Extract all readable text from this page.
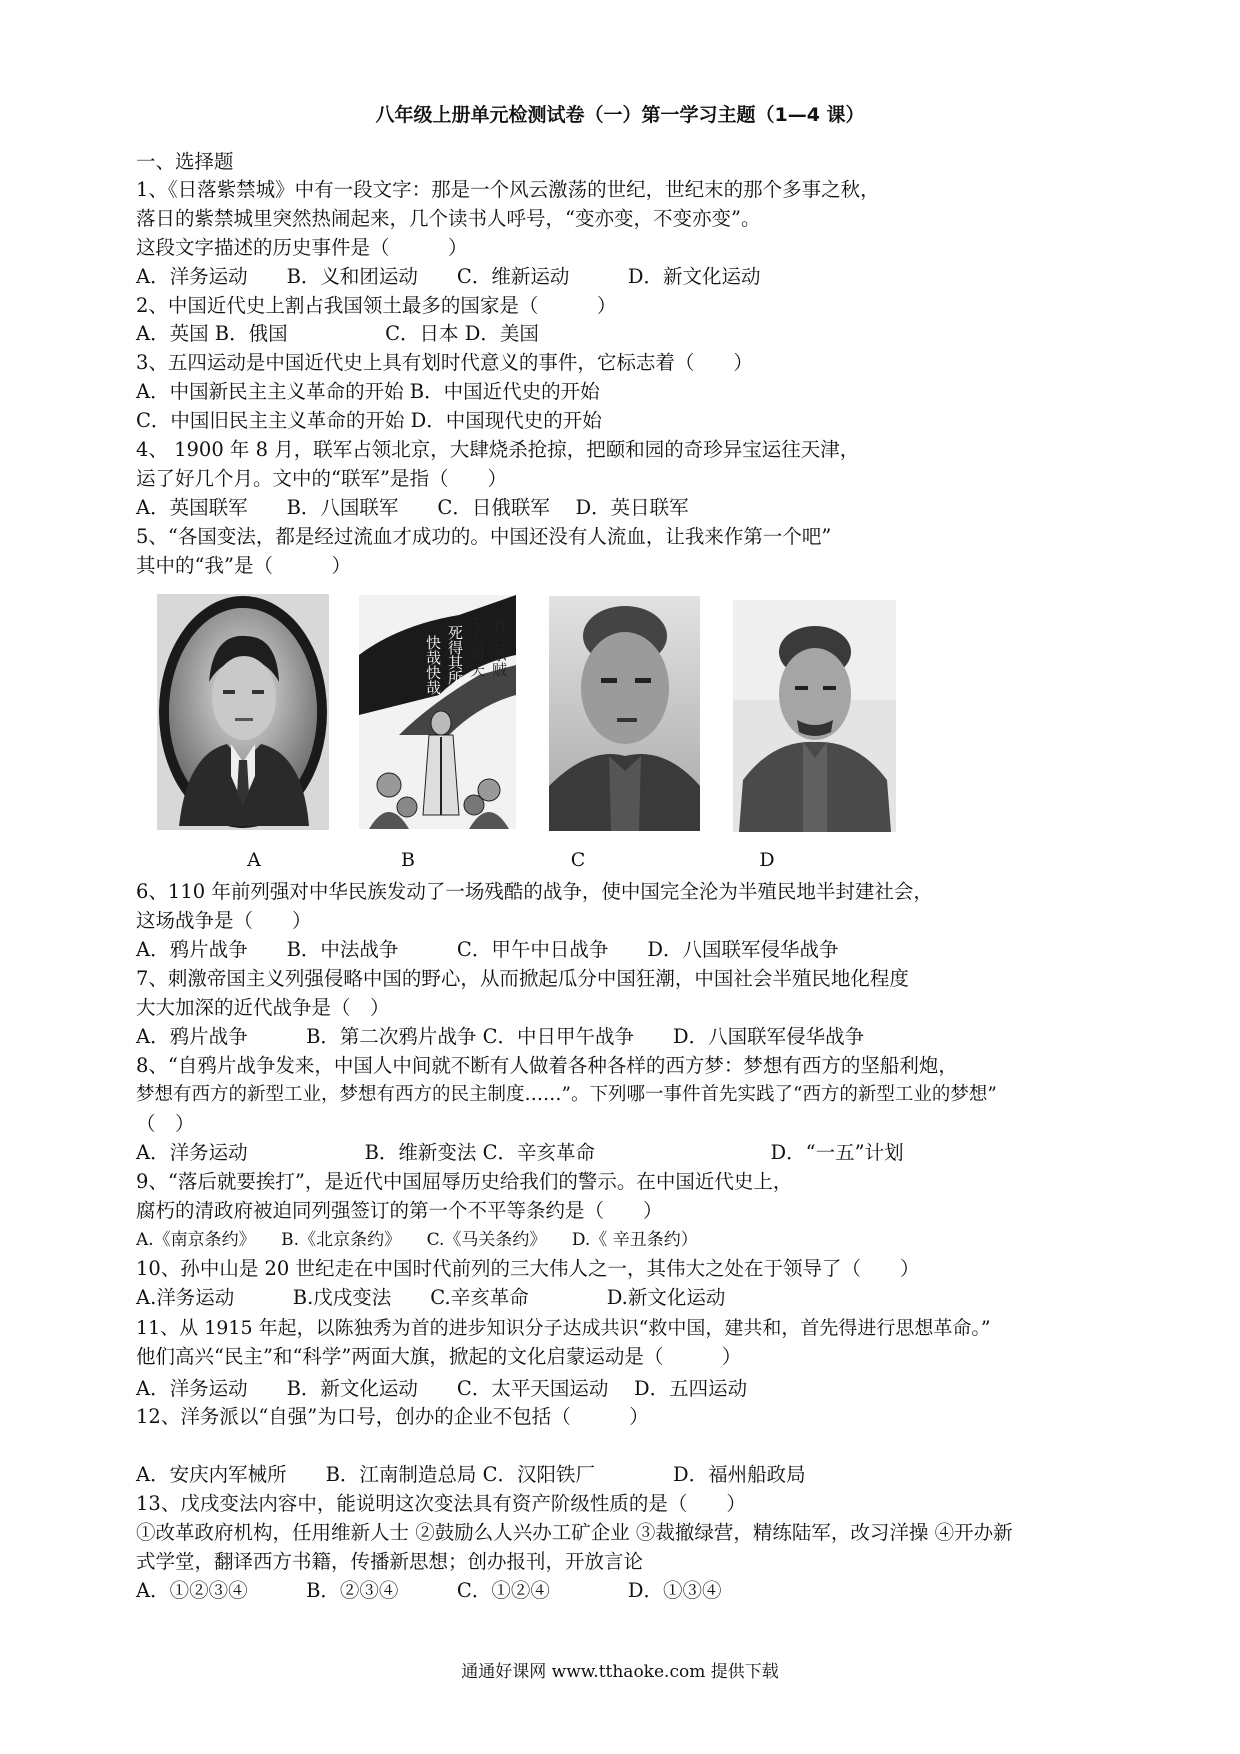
八年级上册单元检测试卷（一）第一学习主题（1—4 课）
一、选择题
1、《日落紫禁城》中有一段文字：那是一个风云激荡的世纪，世纪末的那个多事之秋，
落日的紫禁城里突然热闹起来，几个读书人呼号，“变亦变，不变亦变”。
这段文字描述的历史事件是（　　　）
A．洋务运动　　B．义和团运动　　C．维新运动　　　D．新文化运动
2、中国近代史上割占我国领土最多的国家是（　　　）
A．英国 B．俄国　　　　　C．日本 D．美国
3、五四运动是中国近代史上具有划时代意义的事件，它标志着（　　）
A．中国新民主主义革命的开始 B．中国近代史的开始
C．中国旧民主主义革命的开始 D．中国现代史的开始
4、 1900 年 8 月，联军占领北京，大肆烧杀抢掠，把颐和园的奇珍异宝运往天津，
运了好几个月。文中的“联军”是指（　　）
A．英国联军　　B．八国联军　　C．日俄联军　 D．英日联军
5、“各国变法，都是经过流血才成功的。中国还没有人流血，让我来作第一个吧”
其中的“我”是（　　　）
有心杀贼
无力回天
死得其所
快哉快哉
A	B	C	D
6、110 年前列强对中华民族发动了一场残酷的战争，使中国完全沦为半殖民地半封建社会，
这场战争是（　　）
A．鸦片战争　　B．中法战争　　　C．甲午中日战争　　D．八国联军侵华战争
7、刺激帝国主义列强侵略中国的野心，从而掀起瓜分中国狂潮，中国社会半殖民地化程度
大大加深的近代战争是（　）
A．鸦片战争　　　B．第二次鸦片战争 C．中日甲午战争　　D．八国联军侵华战争
8、“自鸦片战争发来，中国人中间就不断有人做着各种各样的西方梦：梦想有西方的坚船利炮，
梦想有西方的新型工业，梦想有西方的民主制度……”。下列哪一事件首先实践了“西方的新型工业的梦想”
（　）
A．洋务运动　　　　　　B．维新变法 C．辛亥革命　　　　　　　　　D．“一五”计划
9、“落后就要挨打”，是近代中国屈辱历史给我们的警示。在中国近代史上，
腐朽的清政府被迫同列强签订的第一个不平等条约是（　　）
A.《南京条约》　　B.《北京条约》　　C.《马关条约》　　D.《 辛丑条约）
10、孙中山是 20 世纪走在中国时代前列的三大伟人之一，其伟大之处在于领导了（　　）
A.洋务运动　　　B.戊戌变法　　C.辛亥革命　　　　D.新文化运动
11、从 1915 年起，以陈独秀为首的进步知识分子达成共识“救中国，建共和，首先得进行思想革命。”
他们高兴“民主”和“科学”两面大旗，掀起的文化启蒙运动是（　　　）
A．洋务运动　　B．新文化运动　　C．太平天国运动　 D．五四运动
12、洋务派以“自强”为口号，创办的企业不包括（　　　）
A．安庆内军械所　　B．江南制造总局 C．汉阳铁厂　　　　D．福州船政局
13、戊戌变法内容中，能说明这次变法具有资产阶级性质的是（　　）
①改革政府机构，任用维新人士 ②鼓励么人兴办工矿企业 ③裁撤绿营，精练陆军，改习洋操 ④开办新
式学堂，翻译西方书籍，传播新思想；创办报刊，开放言论
A．①②③④　　　B．②③④　　　C．①②④　　　　D．①③④
通通好课网 www.tthaoke.com 提供下载
